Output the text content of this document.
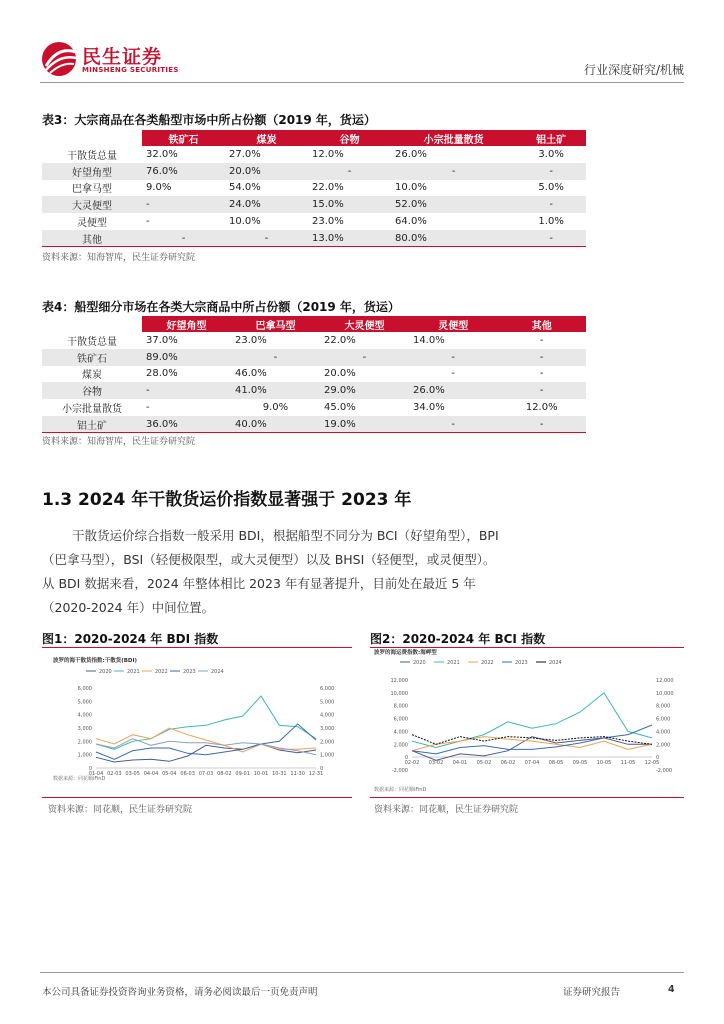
民生证券
MINSHENG SECURITIES	行业深度研究/机械
表3：大宗商品在各类船型市场中所占份额（2019 年，货运）
	铁矿石	煤炭	谷物	小宗批量散货	铝土矿
干散货总量	32.0%	27.0%	12.0%	26.0%	3.0%
好望角型	76.0%	20.0%	-	-	-
巴拿马型	9.0%	54.0%	22.0%	10.0%	5.0%
大灵便型	-	24.0%	15.0%	52.0%	-
灵便型	-	10.0%	23.0%	64.0%	1.0%
其他	-	-	13.0%	80.0%	-
资料来源：知海智库，民生证券研究院
表4：船型细分市场在各类大宗商品中所占份额（2019 年，货运）
	好望角型	巴拿马型	大灵便型	灵便型	其他
干散货总量	37.0%	23.0%	22.0%	14.0%	-
铁矿石	89.0%	-	-	-	-
煤炭	28.0%	46.0%	20.0%	-	-
谷物	-	41.0%	29.0%	26.0%	-
小宗批量散货	-	9.0%	45.0%	34.0%	12.0%
铝土矿	36.0%	40.0%	19.0%	-	-
资料来源：知海智库，民生证券研究院
1.3 2024 年干散货运价指数显著强于 2023 年
干散货运价综合指数一般采用 BDI，根据船型不同分为 BCI（好望角型），BPI
（巴拿马型），BSI（轻便极限型，或大灵便型）以及 BHSI（轻便型，或灵便型）。
从 BDI 数据来看，2024 年整体相比 2023 年有显著提升，目前处在最近 5 年
（2020-2024 年）中间位置。
图1：2020-2024 年 BDI 指数
波罗的海干散货指数:干散货(BDI)
2020	2021	2022	2023	2024
0
1,000
2,000
3,000
4,000
5,000
6,000
0
1,000
2,000
3,000
4,000
5,000
6,000
01-04 02-03 03-05 04-04 05-04 06-03 07-03 08-02 09-01 10-01 10-31 11-30 12-31
数据来源：同花顺iFinD
资料来源：同花顺，民生证券研究院
图2：2020-2024 年 BCI 指数
波罗的海运费指数:海岬型
2020	2021	2022	2023	2024
-2,000
0
2,000
4,000
6,000
8,000
10,000
12,000
-2,000
0
2,000
4,000
6,000
8,000
10,000
12,000
02-02 03-02 04-01 05-02 06-02 07-04 08-05 09-05 10-05 11-05 12-05
数据来源：同花顺iFinD
资料来源：同花顺，民生证券研究院
本公司具备证券投资咨询业务资格，请务必阅读最后一页免责声明	证券研究报告	4
